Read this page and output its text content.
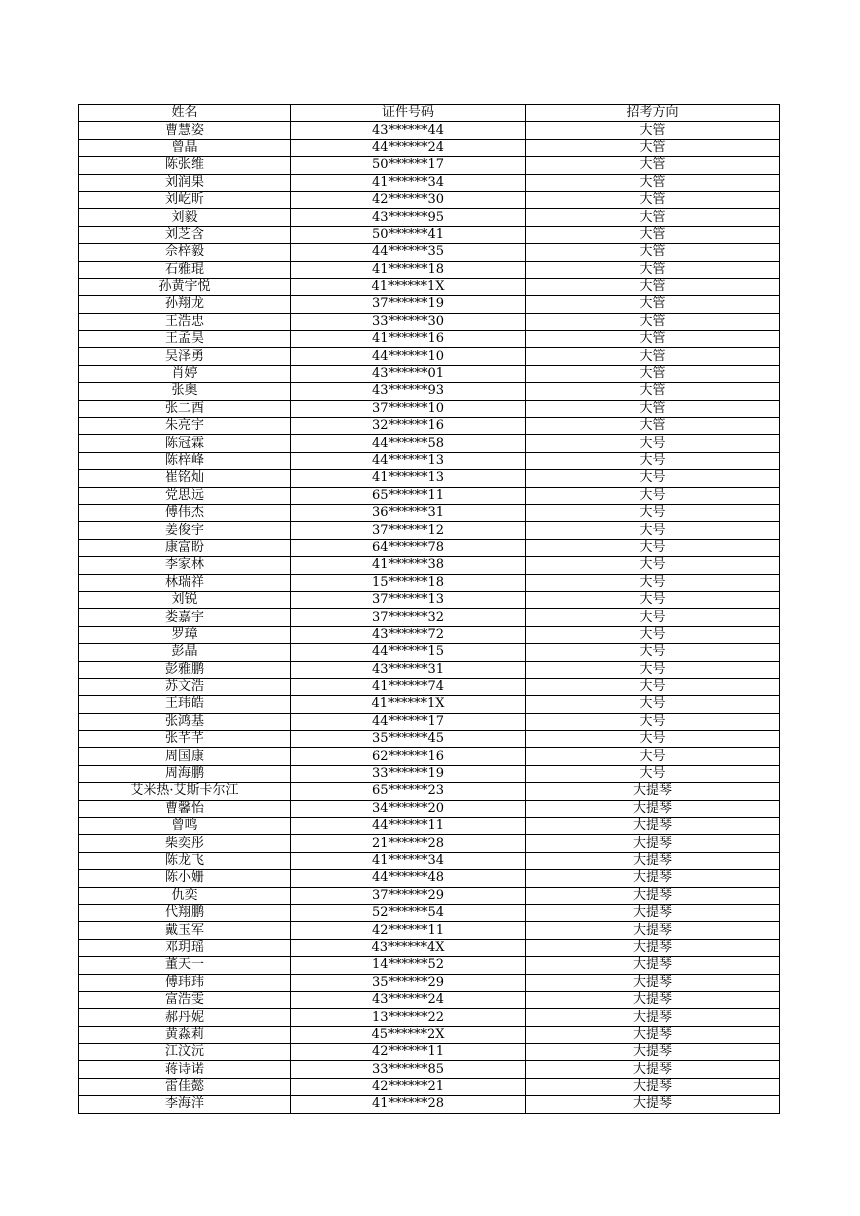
姓名	证件号码	招考方向
曹慧姿	43******44	大管
曾晶	44******24	大管
陈张维	50******17	大管
刘润果	41******34	大管
刘屹昕	42******30	大管
刘毅	43******95	大管
刘芝含	50******41	大管
佘梓毅	44******35	大管
石雅琨	41******18	大管
孙黄宇悦	41******1X	大管
孙翔龙	37******19	大管
王浩忠	33******30	大管
王孟昊	41******16	大管
吴泽勇	44******10	大管
肖婷	43******01	大管
张奥	43******93	大管
张二酉	37******10	大管
朱亮宇	32******16	大管
陈冠霖	44******58	大号
陈梓峰	44******13	大号
崔铭灿	41******13	大号
党思远	65******11	大号
傅伟杰	36******31	大号
姜俊宇	37******12	大号
康富盼	64******78	大号
李家林	41******38	大号
林瑞祥	15******18	大号
刘锐	37******13	大号
娄嘉宇	37******32	大号
罗璋	43******72	大号
彭晶	44******15	大号
彭雅鹏	43******31	大号
苏文浩	41******74	大号
王玮皓	41******1X	大号
张鸿基	44******17	大号
张芊芊	35******45	大号
周国康	62******16	大号
周海鹏	33******19	大号
艾米热·艾斯卡尔江	65******23	大提琴
曹馨怡	34******20	大提琴
曾鸣	44******11	大提琴
柴奕彤	21******28	大提琴
陈龙飞	41******34	大提琴
陈小姗	44******48	大提琴
仇奕	37******29	大提琴
代翔鹏	52******54	大提琴
戴玉军	42******11	大提琴
邓玥瑶	43******4X	大提琴
董天一	14******52	大提琴
傅玮玮	35******29	大提琴
富浩雯	43******24	大提琴
郝丹妮	13******22	大提琴
黄淼莉	45******2X	大提琴
江汶沅	42******11	大提琴
蒋诗诺	33******85	大提琴
雷佳懿	42******21	大提琴
李海洋	41******28	大提琴
